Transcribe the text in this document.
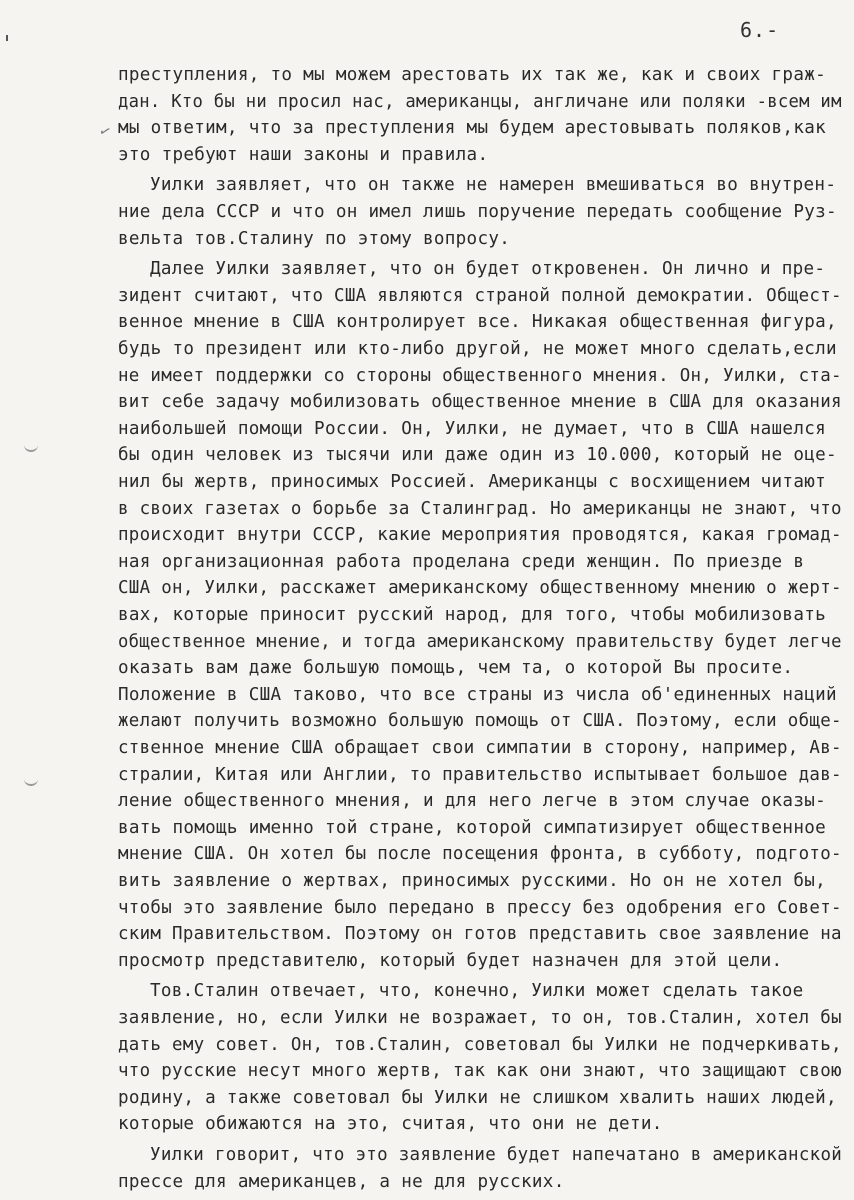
6.-
✓
преступления, то мы можем арестовать их так же, как и своих граж-
дан. Кто бы ни просил нас, американцы, англичане или поляки -всем им
мы ответим, что за преступления мы будем арестовывать поляков,как
это требуют наши законы и правила.
Уилки заявляет, что он также не намерен вмешиваться во внутрен-
ние дела СССР и что он имел лишь поручение передать сообщение Руз-
вельта тов.Сталину по этому вопросу.
Далее Уилки заявляет, что он будет откровенен. Он лично и пре-
зидент считают, что США являются страной полной демократии. Общест-
венное мнение в США контролирует все. Никакая общественная фигура,
будь то президент или кто-либо другой, не может много сделать,если
не имеет поддержки со стороны общественного мнения. Он, Уилки, ста-
вит себе задачу мобилизовать общественное мнение в США для оказания
наибольшей помощи России. Он, Уилки, не думает, что в США нашелся
бы один человек из тысячи или даже один из 10.000, который не оце-
нил бы жертв, приносимых Россией. Американцы с восхищением читают
в своих газетах о борьбе за Сталинград. Но американцы не знают, что
происходит внутри СССР, какие мероприятия проводятся, какая громад-
ная организационная работа проделана среди женщин. По приезде в
США он, Уилки, расскажет американскому общественному мнению о жерт-
вах, которые приносит русский народ, для того, чтобы мобилизовать
общественное мнение, и тогда американскому правительству будет легче
оказать вам даже большую помощь, чем та, о которой Вы просите.
Положение в США таково, что все страны из числа об'единенных наций
желают получить возможно большую помощь от США. Поэтому, если обще-
ственное мнение США обращает свои симпатии в сторону, например, Ав-
стралии, Китая или Англии, то правительство испытывает большое дав-
ление общественного мнения, и для него легче в этом случае оказы-
вать помощь именно той стране, которой симпатизирует общественное
мнение США. Он хотел бы после посещения фронта, в субботу, подгото-
вить заявление о жертвах, приносимых русскими. Но он не хотел бы,
чтобы это заявление было передано в прессу без одобрения его Совет-
ским Правительством. Поэтому он готов представить свое заявление на
просмотр представителю, который будет назначен для этой цели.
Тов.Сталин отвечает, что, конечно, Уилки может сделать такое
заявление, но, если Уилки не возражает, то он, тов.Сталин, хотел бы
дать ему совет. Он, тов.Сталин, советовал бы Уилки не подчеркивать,
что русские несут много жертв, так как они знают, что защищают свою
родину, а также советовал бы Уилки не слишком хвалить наших людей,
которые обижаются на это, считая, что они не дети.
Уилки говорит, что это заявление будет напечатано в американской
прессе для американцев, а не для русских.
